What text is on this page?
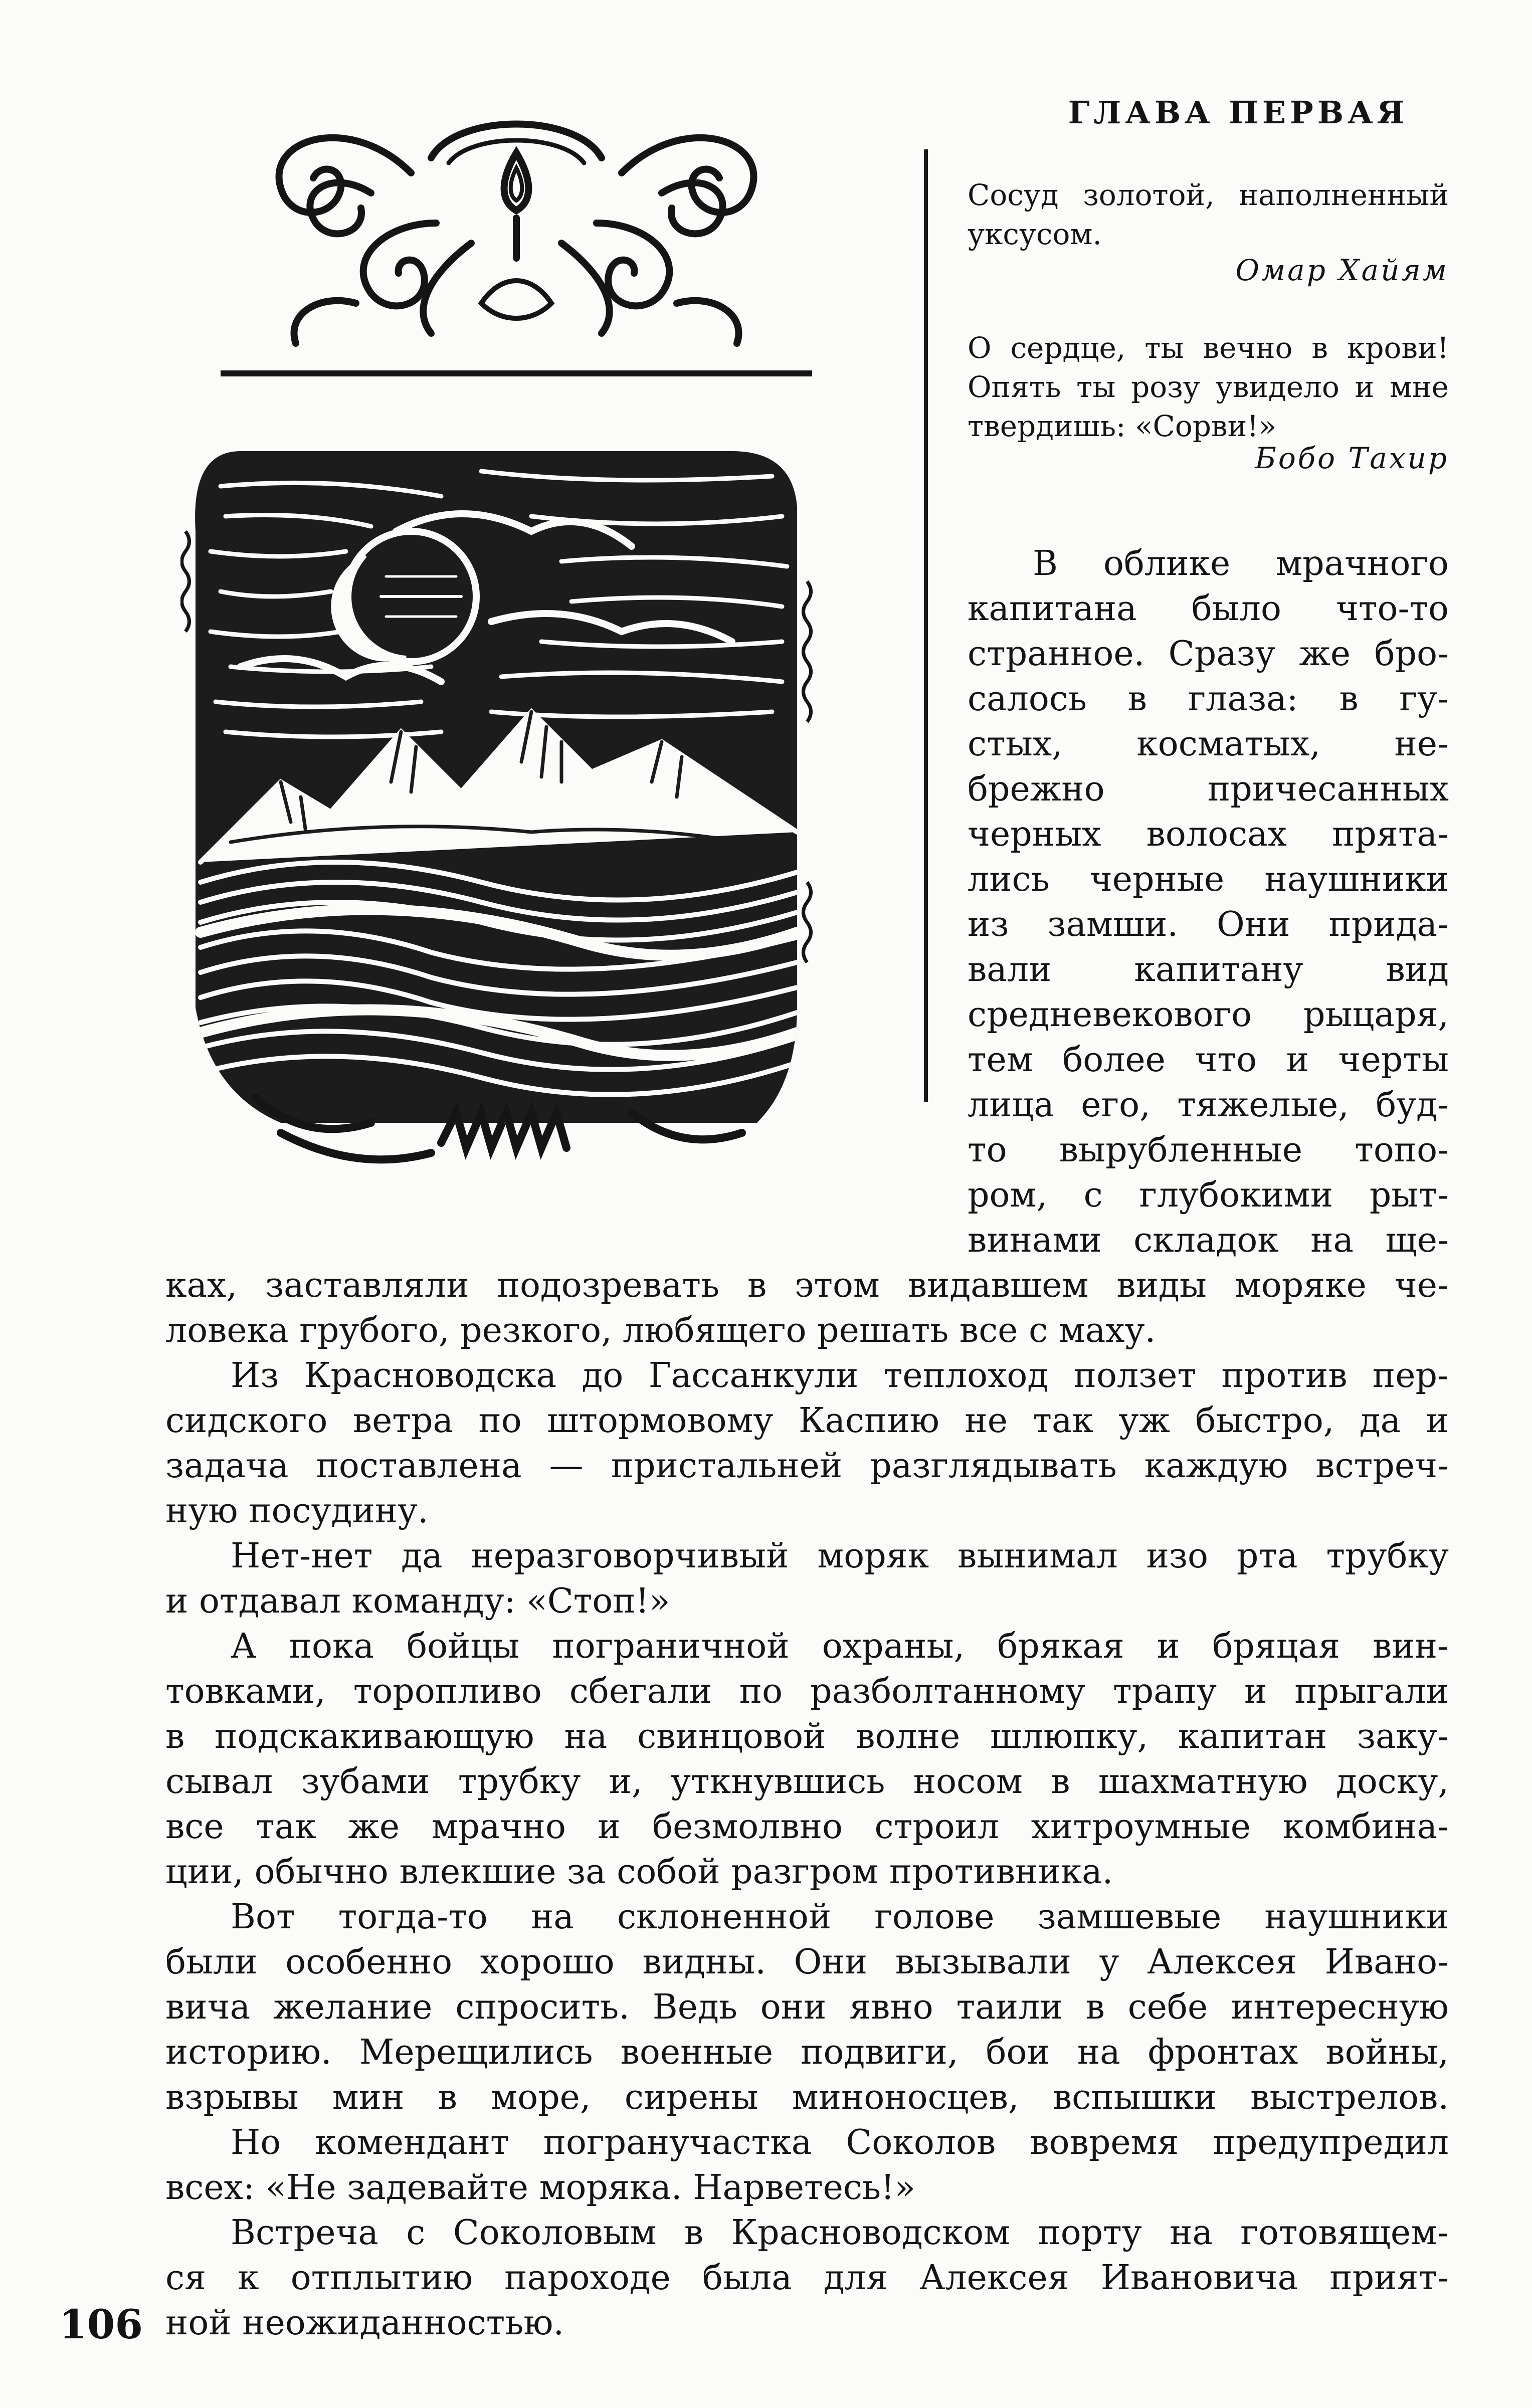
ГЛАВА ПЕРВАЯ
Сосуд золотой, наполненный уксусом.
Омар Хайям
О сердце, ты вечно в крови! Опять ты розу увидело и мне твердишь: «Сорви!»
Бобо Тахир
В облике мрачного
капитана было что-то
странное. Сразу же бро-
салось в глаза: в гу-
стых, косматых, не-
брежно причесанных
черных волосах прята-
лись черные наушники
из замши. Они прида-
вали капитану вид
средневекового рыцаря,
тем более что и черты
лица его, тяжелые, буд-
то вырубленные топо-
ром, с глубокими рыт-
винами складок на ще-
ках, заставляли подозревать в этом видавшем виды моряке че-
ловека грубого, резкого, любящего решать все с маху.
Из Красноводска до Гассанкули теплоход ползет против пер-
сидского ветра по штормовому Каспию не так уж быстро, да и
задача поставлена — пристальней разглядывать каждую встреч-
ную посудину.
Нет-нет да неразговорчивый моряк вынимал изо рта трубку
и отдавал команду: «Стоп!»
А пока бойцы пограничной охраны, брякая и бряцая вин-
товками, торопливо сбегали по разболтанному трапу и прыгали
в подскакивающую на свинцовой волне шлюпку, капитан заку-
сывал зубами трубку и, уткнувшись носом в шахматную доску,
все так же мрачно и безмолвно строил хитроумные комбина-
ции, обычно влекшие за собой разгром противника.
Вот тогда-то на склоненной голове замшевые наушники
были особенно хорошо видны. Они вызывали у Алексея Ивано-
вича желание спросить. Ведь они явно таили в себе интересную
историю. Мерещились военные подвиги, бои на фронтах войны,
взрывы мин в море, сирены миноносцев, вспышки выстрелов.
Но комендант погранучастка Соколов вовремя предупредил
всех: «Не задевайте моряка. Нарветесь!»
Встреча с Соколовым в Красноводском порту на готовящем-
ся к отплытию пароходе была для Алексея Ивановича прият-
ной неожиданностью.
106
